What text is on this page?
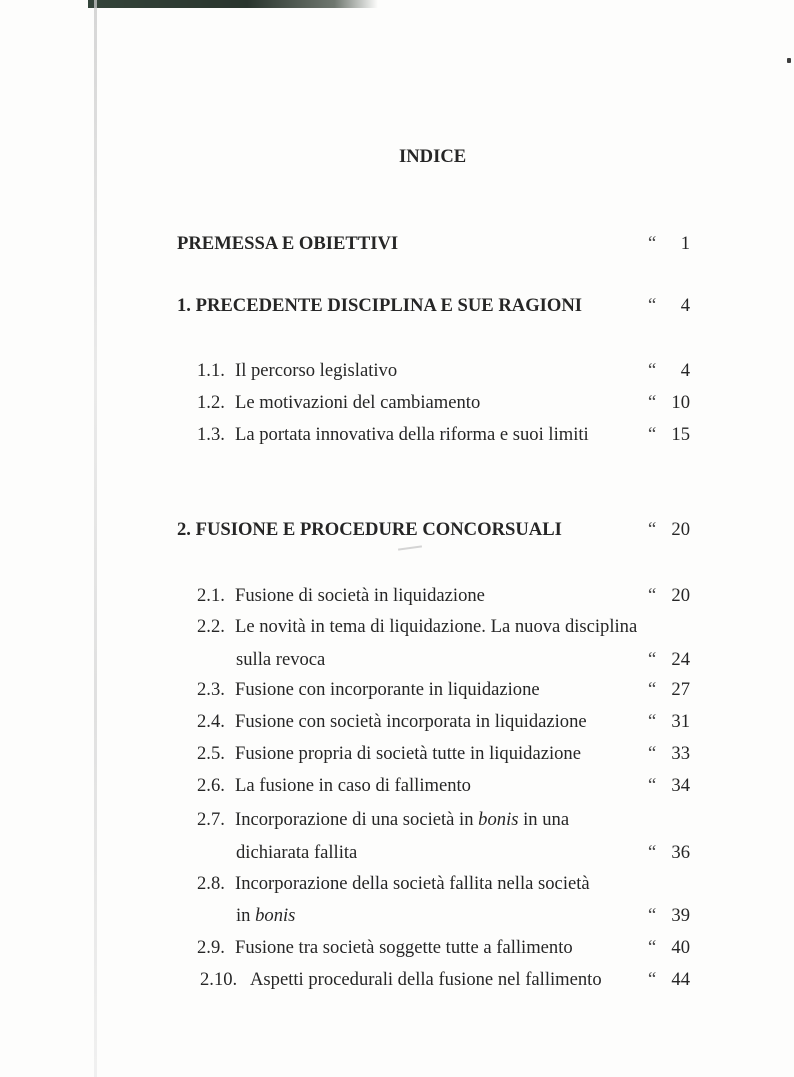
INDICE
PREMESSA E OBIETTIVI	“ 1
1. PRECEDENTE DISCIPLINA E SUE RAGIONI	“ 4
1.1. Il percorso legislativo	“ 4
1.2. Le motivazioni del cambiamento	“ 10
1.3. La portata innovativa della riforma e suoi limiti	“ 15
2. FUSIONE E PROCEDURE CONCORSUALI	“ 20
2.1. Fusione di società in liquidazione	“ 20
2.2. Le novità in tema di liquidazione. La nuova disciplina
sulla revoca	“ 24
2.3. Fusione con incorporante in liquidazione	“ 27
2.4. Fusione con società incorporata in liquidazione	“ 31
2.5. Fusione propria di società tutte in liquidazione	“ 33
2.6. La fusione in caso di fallimento	“ 34
2.7. Incorporazione di una società in bonis in una
dichiarata fallita	“ 36
2.8. Incorporazione della società fallita nella società
in bonis	“ 39
2.9. Fusione tra società soggette tutte a fallimento	“ 40
2.10. Aspetti procedurali della fusione nel fallimento “ 44
